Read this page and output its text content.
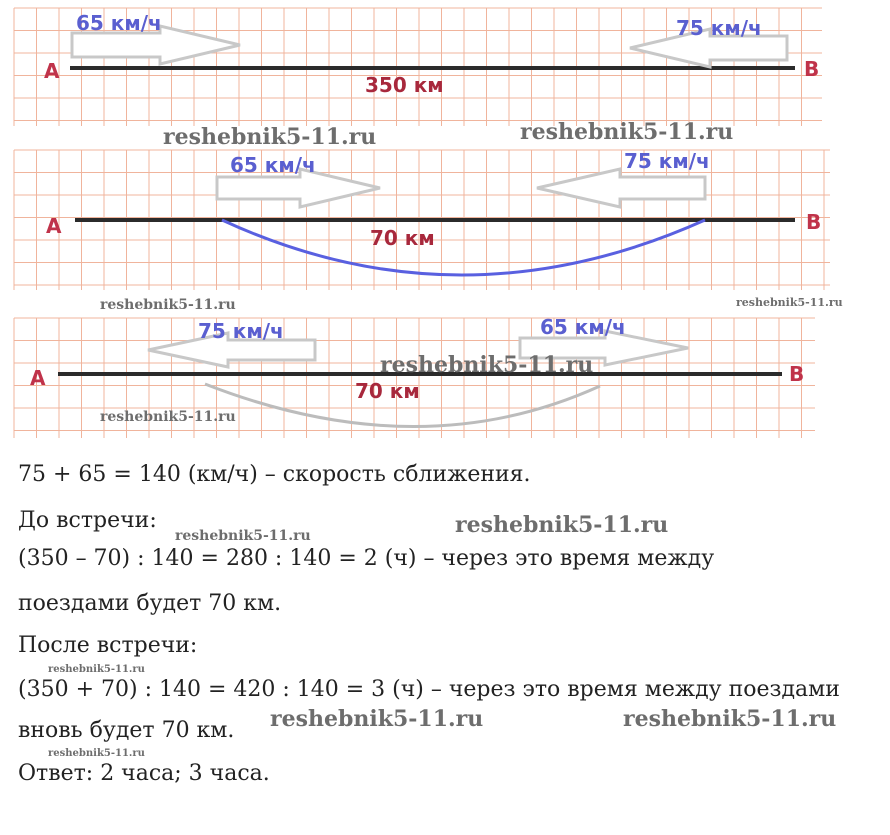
А	В
65 км/ч	75 км/ч
350 км
А	В
65 км/ч	75 км/ч
70 км
А	В
75 км/ч	65 км/ч
70 км
reshebnik5-11.ru	reshebnik5-11.ru
reshebnik5-11.ru	reshebnik5-11.ru
reshebnik5-11.ru
reshebnik5-11.ru
75 + 65 = 140 (км/ч) – скорость сближения.
До встречи:
(350 – 70) : 140 = 280 : 140 = 2 (ч) – через это время между
поездами будет 70 км.
После встречи:
(350 + 70) : 140 = 420 : 140 = 3 (ч) – через это время между поездами
вновь будет 70 км.
Ответ: 2 часа; 3 часа.
reshebnik5-11.ru	reshebnik5-11.ru
reshebnik5-11.ru
reshebnik5-11.ru	reshebnik5-11.ru
reshebnik5-11.ru
